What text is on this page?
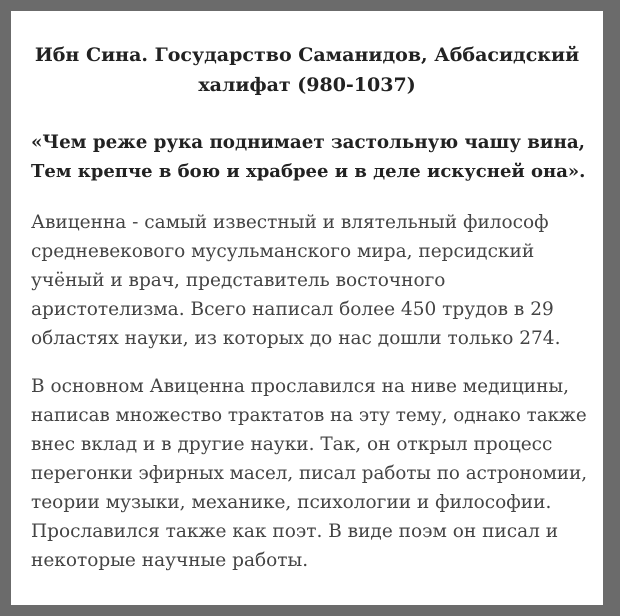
Ибн Сина. Государство Саманидов, Аббасидский
халифат (980-1037)

«Чем реже рука поднимает застольную чашу вина,
Тем крепче в бою и храбрее и в деле искусней она».

Авиценна - самый известный и влятельный философ
средневекового мусульманского мира, персидский
учёный и врач, представитель восточного
аристотелизма. Всего написал более 450 трудов в 29
областях науки, из которых до нас дошли только 274.

В основном Авиценна прославился на ниве медицины,
написав множество трактатов на эту тему, однако также
внес вклад и в другие науки. Так, он открыл процесс
перегонки эфирных масел, писал работы по астрономии,
теории музыки, механике, психологии и философии.
Прославился также как поэт. В виде поэм он писал и
некоторые научные работы.
